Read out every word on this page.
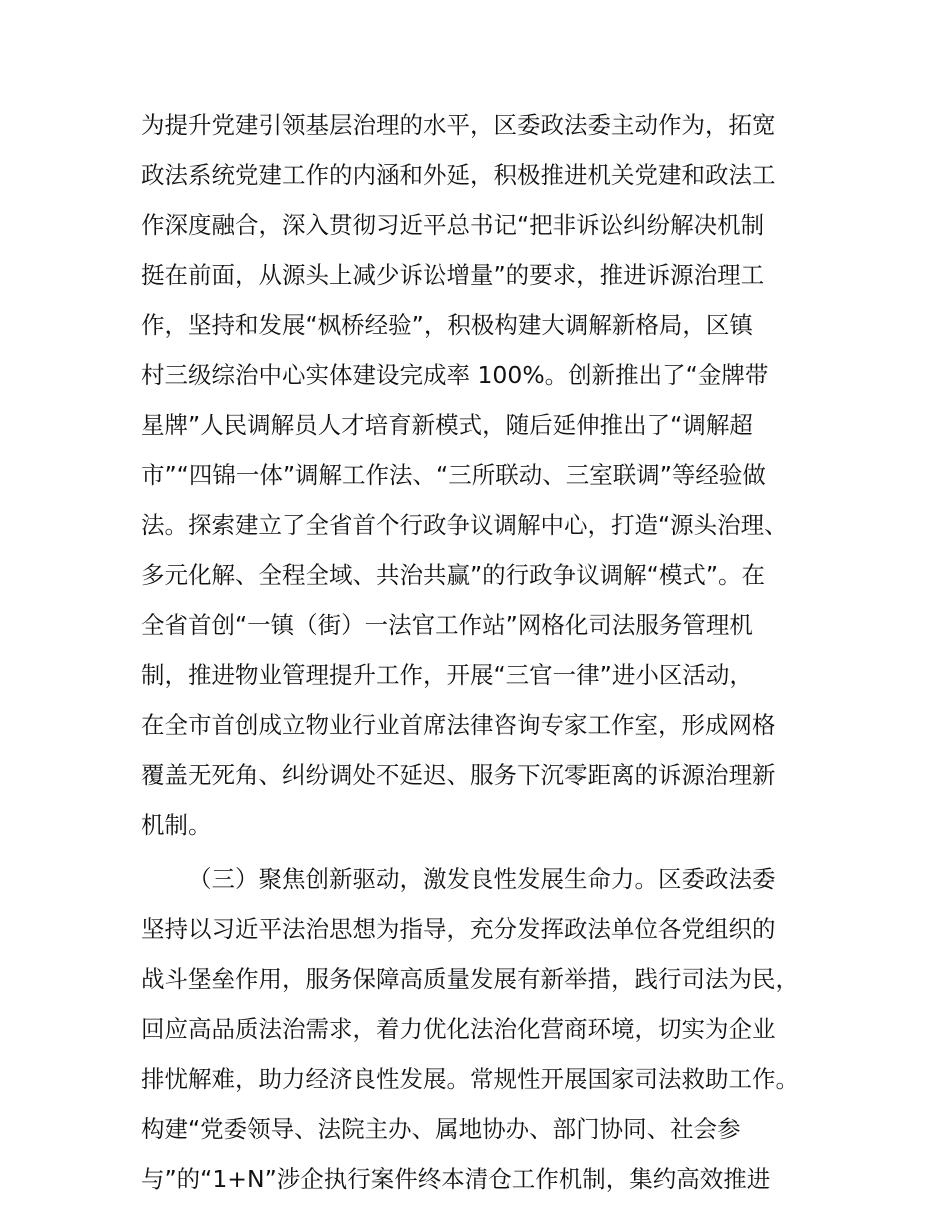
为提升党建引领基层治理的水平，区委政法委主动作为，拓宽
政法系统党建工作的内涵和外延，积极推进机关党建和政法工
作深度融合，深入贯彻习近平总书记“把非诉讼纠纷解决机制
挺在前面，从源头上减少诉讼增量”的要求，推进诉源治理工
作，坚持和发展“枫桥经验”，积极构建大调解新格局，区镇
村三级综治中心实体建设完成率 100%。创新推出了“金牌带
星牌”人民调解员人才培育新模式，随后延伸推出了“调解超
市”“四锦一体”调解工作法、“三所联动、三室联调”等经验做
法。探索建立了全省首个行政争议调解中心，打造“源头治理、
多元化解、全程全域、共治共赢”的行政争议调解“模式”。在
全省首创“一镇（街）一法官工作站”网格化司法服务管理机
制，推进物业管理提升工作，开展“三官一律”进小区活动，
在全市首创成立物业行业首席法律咨询专家工作室，形成网格
覆盖无死角、纠纷调处不延迟、服务下沉零距离的诉源治理新
机制。
（三）聚焦创新驱动，激发良性发展生命力。区委政法委
坚持以习近平法治思想为指导，充分发挥政法单位各党组织的
战斗堡垒作用，服务保障高质量发展有新举措，践行司法为民，
回应高品质法治需求，着力优化法治化营商环境，切实为企业
排忧解难，助力经济良性发展。常规性开展国家司法救助工作。
构建“党委领导、法院主办、属地协办、部门协同、社会参
与”的“1+N”涉企执行案件终本清仓工作机制，集约高效推进
